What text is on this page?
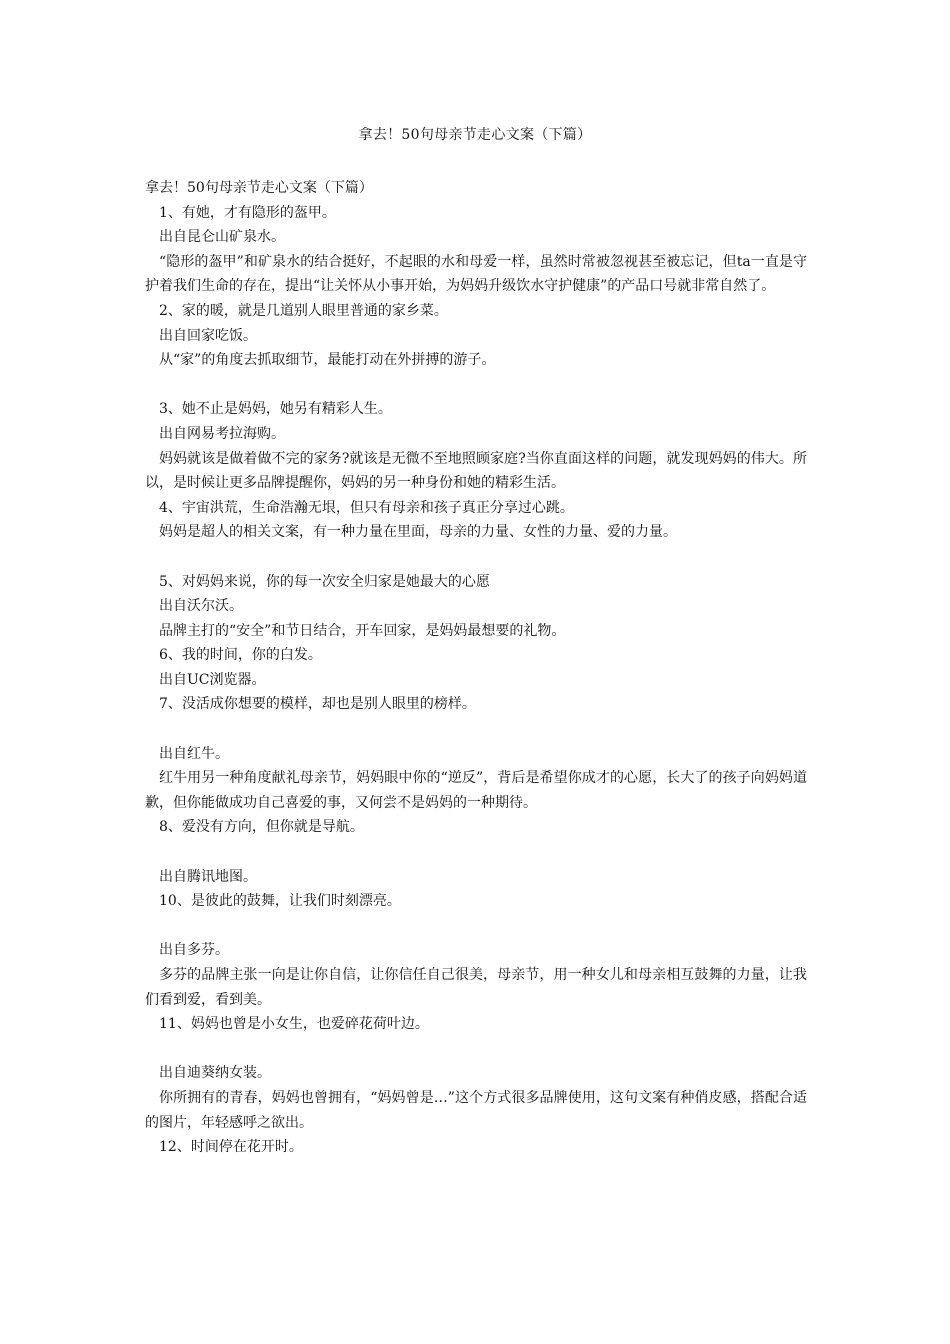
拿去！50句母亲节走心文案（下篇）
拿去！50句母亲节走心文案（下篇）
1、有她，才有隐形的盔甲。
出自昆仑山矿泉水。
“隐形的盔甲”和矿泉水的结合挺好，不起眼的水和母爱一样，虽然时常被忽视甚至被忘记，但ta一直是守护着我们生命的存在，提出“让关怀从小事开始，为妈妈升级饮水守护健康”的产品口号就非常自然了。
2、家的暖，就是几道别人眼里普通的家乡菜。
出自回家吃饭。
从“家”的角度去抓取细节，最能打动在外拼搏的游子。
3、她不止是妈妈，她另有精彩人生。
出自网易考拉海购。
妈妈就该是做着做不完的家务?就该是无微不至地照顾家庭?当你直面这样的问题，就发现妈妈的伟大。所以，是时候让更多品牌提醒你，妈妈的另一种身份和她的精彩生活。
4、宇宙洪荒，生命浩瀚无垠，但只有母亲和孩子真正分享过心跳。
妈妈是超人的相关文案，有一种力量在里面，母亲的力量、女性的力量、爱的力量。
5、对妈妈来说，你的每一次安全归家是她最大的心愿
出自沃尔沃。
品牌主打的“安全”和节日结合，开车回家，是妈妈最想要的礼物。
6、我的时间，你的白发。
出自UC浏览器。
7、没活成你想要的模样，却也是别人眼里的榜样。
出自红牛。
红牛用另一种角度献礼母亲节，妈妈眼中你的“逆反”，背后是希望你成才的心愿，长大了的孩子向妈妈道歉，但你能做成功自己喜爱的事，又何尝不是妈妈的一种期待。
8、爱没有方向，但你就是导航。
出自腾讯地图。
10、是彼此的鼓舞，让我们时刻漂亮。
出自多芬。
多芬的品牌主张一向是让你自信，让你信任自己很美，母亲节，用一种女儿和母亲相互鼓舞的力量，让我们看到爱，看到美。
11、妈妈也曾是小女生，也爱碎花荷叶边。
出自迪葵纳女装。
你所拥有的青春，妈妈也曾拥有，“妈妈曾是…”这个方式很多品牌使用，这句文案有种俏皮感，搭配合适的图片，年轻感呼之欲出。
12、时间停在花开时。
